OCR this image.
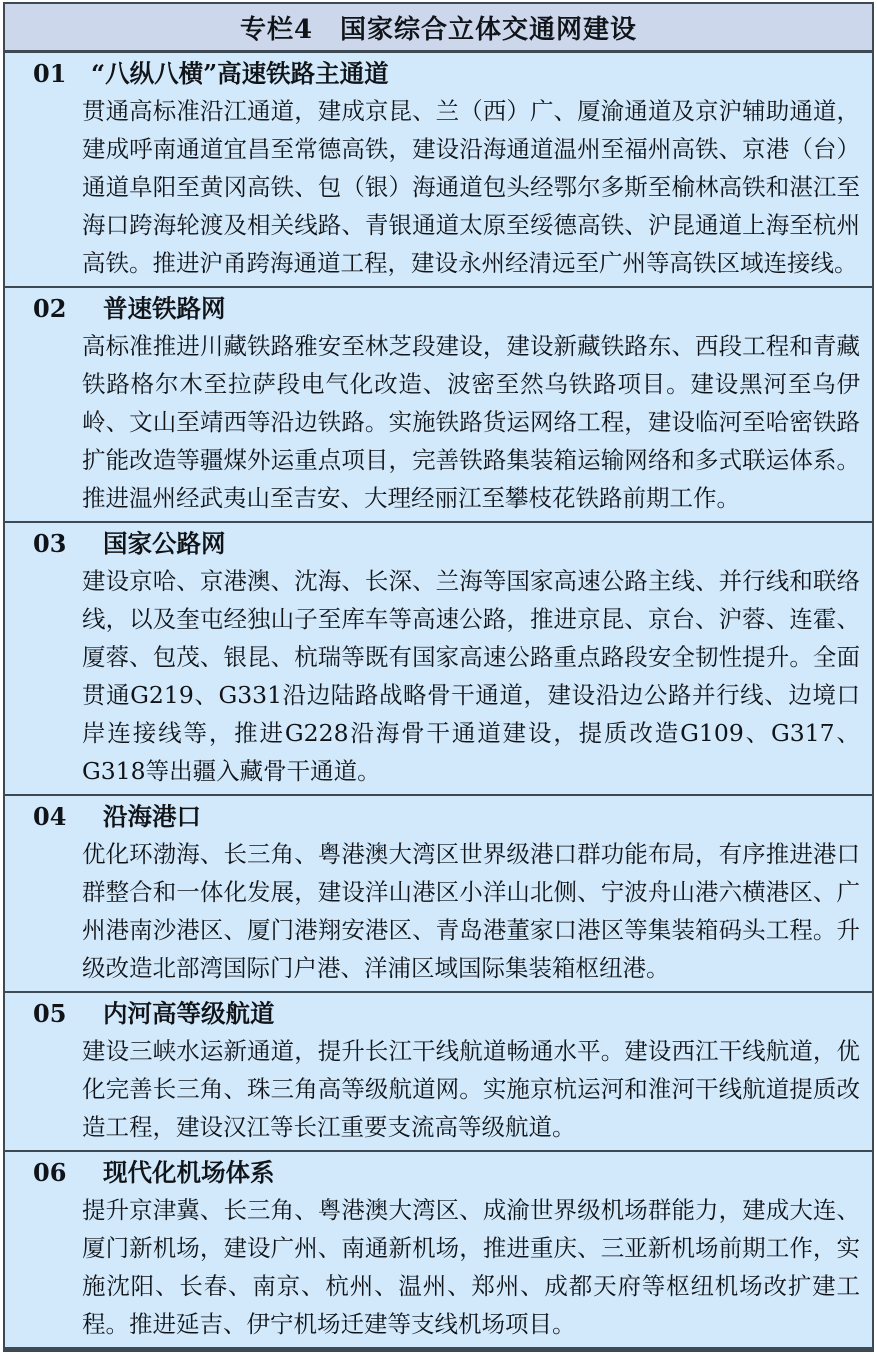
专栏4　国家综合立体交通网建设
01	“八纵八横”高速铁路主通道
贯通高标准沿江通道，建成京昆、兰（西）广、厦渝通道及京沪辅助通道，建成呼南通道宜昌至常德高铁，建设沿海通道温州至福州高铁、京港（台）通道阜阳至黄冈高铁、包（银）海通道包头经鄂尔多斯至榆林高铁和湛江至海口跨海轮渡及相关线路、青银通道太原至绥德高铁、沪昆通道上海至杭州高铁。推进沪甬跨海通道工程，建设永州经清远至广州等高铁区域连接线。
02	普速铁路网
高标准推进川藏铁路雅安至林芝段建设，建设新藏铁路东、西段工程和青藏铁路格尔木至拉萨段电气化改造、波密至然乌铁路项目。建设黑河至乌伊岭、文山至靖西等沿边铁路。实施铁路货运网络工程，建设临河至哈密铁路扩能改造等疆煤外运重点项目，完善铁路集装箱运输网络和多式联运体系。推进温州经武夷山至吉安、大理经丽江至攀枝花铁路前期工作。
03	国家公路网
建设京哈、京港澳、沈海、长深、兰海等国家高速公路主线、并行线和联络线，以及奎屯经独山子至库车等高速公路，推进京昆、京台、沪蓉、连霍、厦蓉、包茂、银昆、杭瑞等既有国家高速公路重点路段安全韧性提升。全面贯通G219、G331沿边陆路战略骨干通道，建设沿边公路并行线、边境口岸连接线等，推进G228沿海骨干通道建设，提质改造G109、G317、G318等出疆入藏骨干通道。
04	沿海港口
优化环渤海、长三角、粤港澳大湾区世界级港口群功能布局，有序推进港口群整合和一体化发展，建设洋山港区小洋山北侧、宁波舟山港六横港区、广州港南沙港区、厦门港翔安港区、青岛港董家口港区等集装箱码头工程。升级改造北部湾国际门户港、洋浦区域国际集装箱枢纽港。
05	内河高等级航道
建设三峡水运新通道，提升长江干线航道畅通水平。建设西江干线航道，优化完善长三角、珠三角高等级航道网。实施京杭运河和淮河干线航道提质改造工程，建设汉江等长江重要支流高等级航道。
06	现代化机场体系
提升京津冀、长三角、粤港澳大湾区、成渝世界级机场群能力，建成大连、厦门新机场，建设广州、南通新机场，推进重庆、三亚新机场前期工作，实施沈阳、长春、南京、杭州、温州、郑州、成都天府等枢纽机场改扩建工程。推进延吉、伊宁机场迁建等支线机场项目。
